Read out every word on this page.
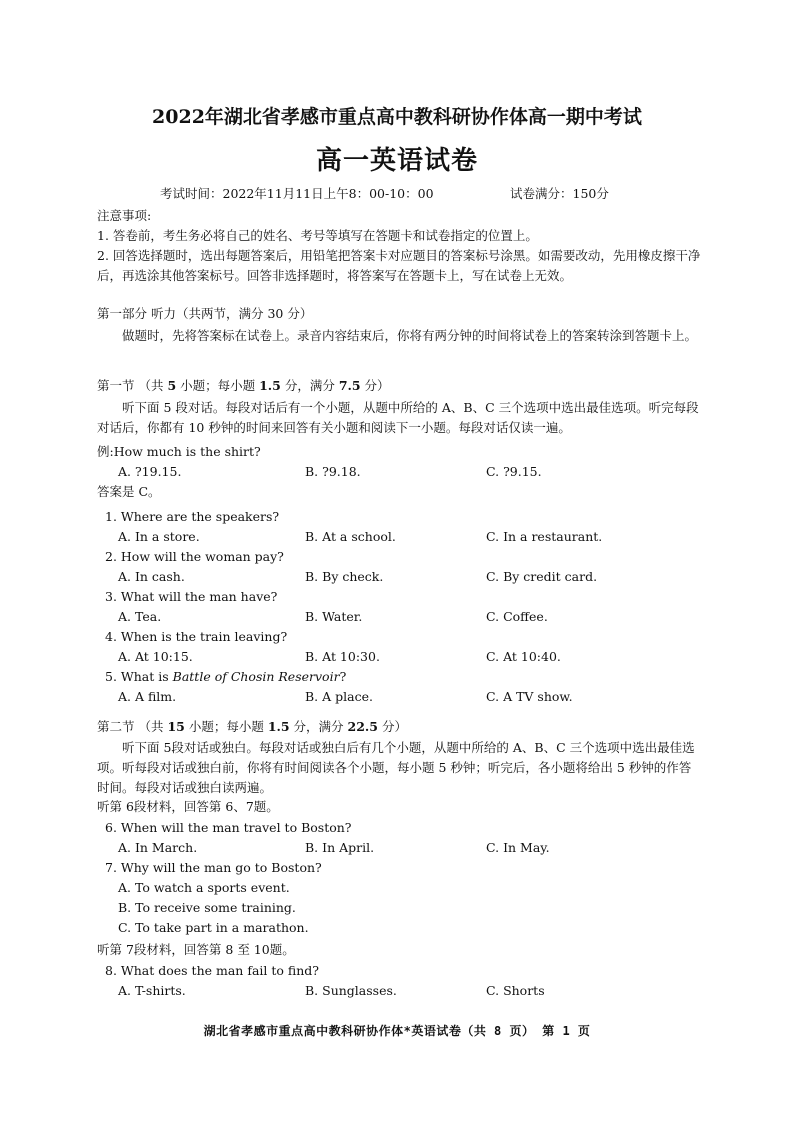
2022年湖北省孝感市重点高中教科研协作体高一期中考试
高一英语试卷
考试时间：2022年11月11日上午8：00-10：00	试卷满分：150分
注意事项:
1. 答卷前，考生务必将自己的姓名、考号等填写在答题卡和试卷指定的位置上。
2. 回答选择题时，选出每题答案后，用铅笔把答案卡对应题目的答案标号涂黑。如需要改动，先用橡皮擦干净后，再选涂其他答案标号。回答非选择题时，将答案写在答题卡上，写在试卷上无效。
第一部分 听力（共两节，满分 30 分）
做题时，先将答案标在试卷上。录音内容结束后，你将有两分钟的时间将试卷上的答案转涂到答题卡上。
第一节 （共 5 小题；每小题 1.5 分，满分 7.5 分）
听下面 5 段对话。每段对话后有一个小题，从题中所给的 A、B、C 三个选项中选出最佳选项。听完每段对话后，你都有 10 秒钟的时间来回答有关小题和阅读下一小题。每段对话仅读一遍。
例:How much is the shirt?
A. ?19.15.	B. ?9.18.	C. ?9.15.
答案是 C。
1. Where are the speakers?
A. In a store.	B. At a school.	C. In a restaurant.
2. How will the woman pay?
A. In cash.	B. By check.	C. By credit card.
3. What will the man have?
A. Tea.	B. Water.	C. Coffee.
4. When is the train leaving?
A. At 10:15.	B. At 10:30.	C. At 10:40.
5. What is Battle of Chosin Reservoir?
A. A film.	B. A place.	C. A TV show.
第二节 （共 15 小题；每小题 1.5 分，满分 22.5 分）
听下面 5段对话或独白。每段对话或独白后有几个小题，从题中所给的 A、B、C 三个选项中选出最佳选项。听每段对话或独白前，你将有时间阅读各个小题，每小题 5 秒钟；听完后，各小题将给出 5 秒钟的作答时间。每段对话或独白读两遍。
听第 6段材料，回答第 6、7题。
6. When will the man travel to Boston?
A. In March.	B. In April.	C. In May.
7. Why will the man go to Boston?
A. To watch a sports event.
B. To receive some training.
C. To take part in a marathon.
听第 7段材料，回答第 8 至 10题。
8. What does the man fail to find?
A. T-shirts.	B. Sunglasses.	C. Shorts
湖北省孝感市重点高中教科研协作体*英语试卷（共 8 页） 第 1 页
